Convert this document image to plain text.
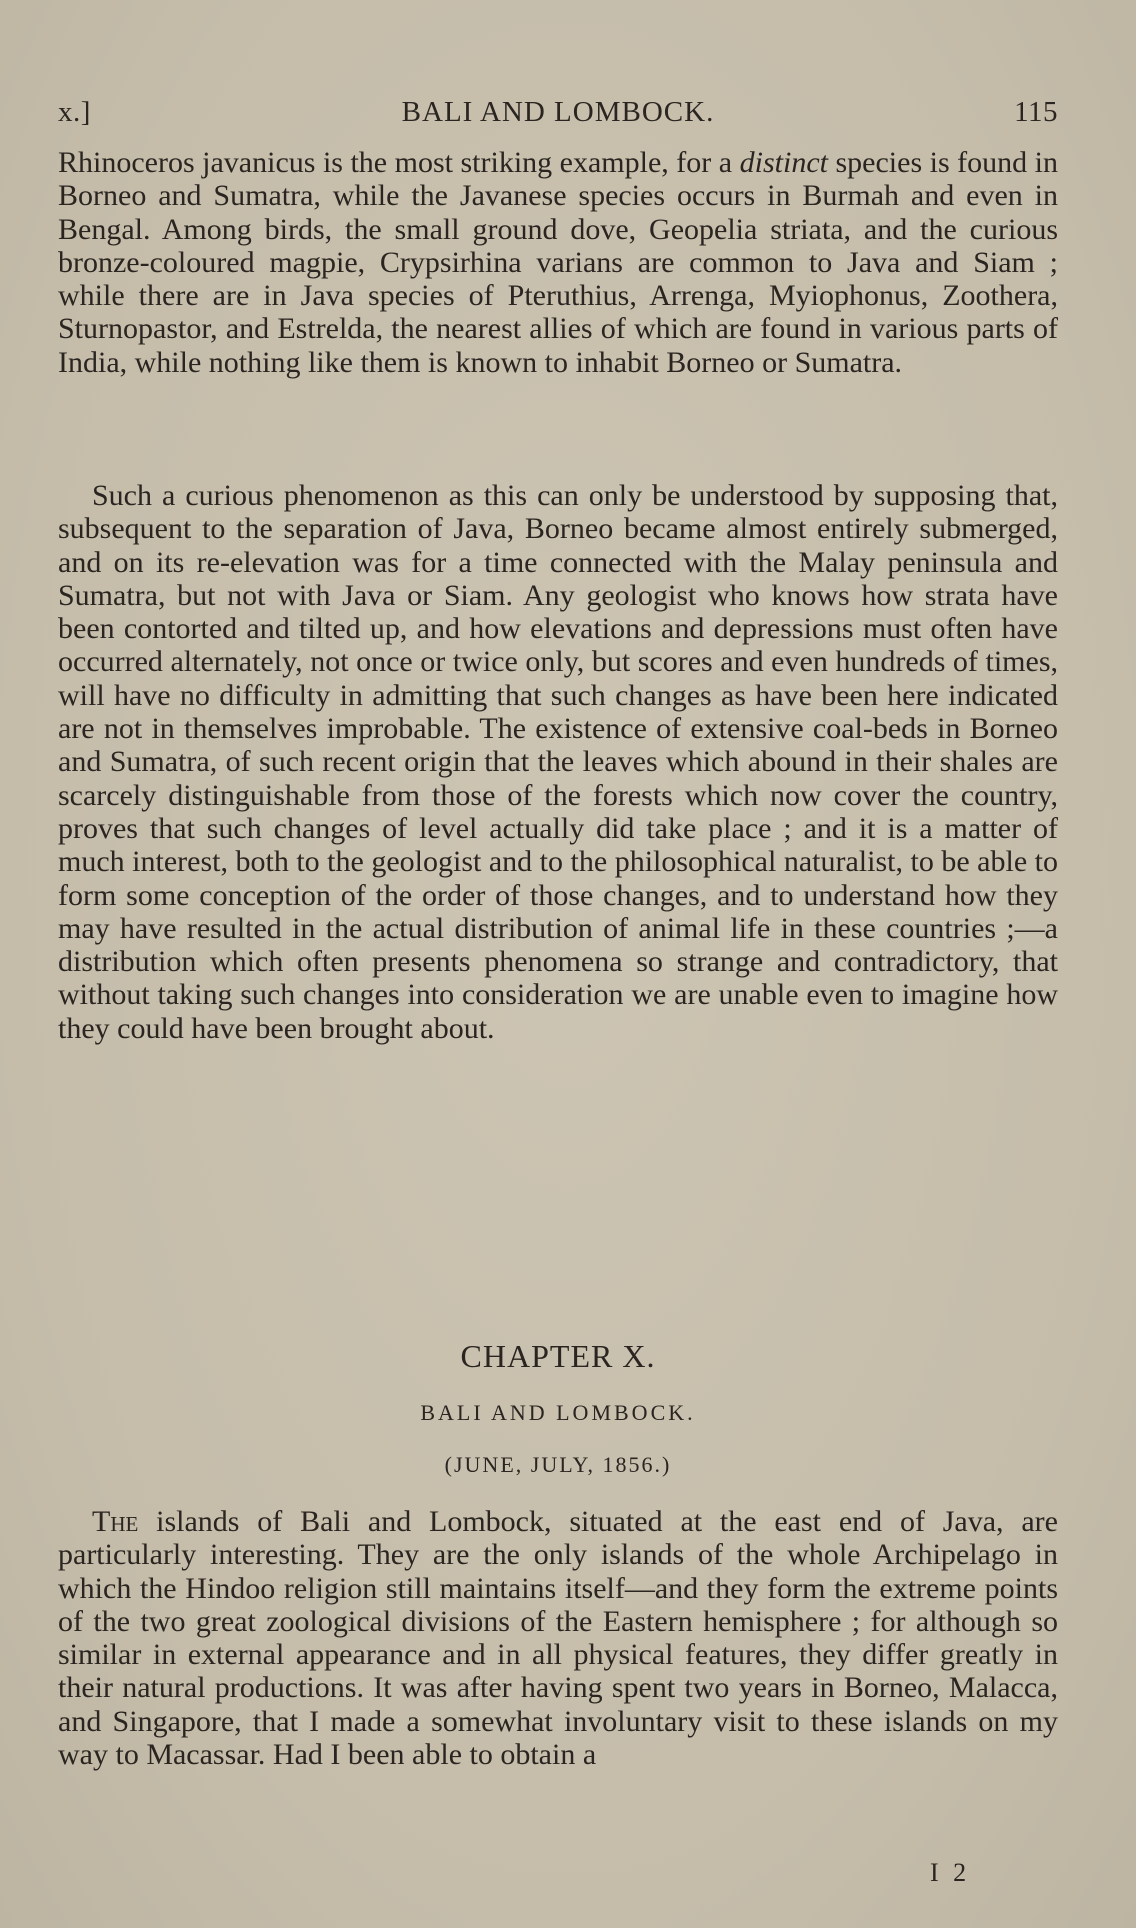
x.]	BALI AND LOMBOCK.	115

Rhinoceros javanicus is the most striking example, for a distinct species is found in Borneo and Sumatra, while the Javanese species occurs in Burmah and even in Bengal. Among birds, the small ground dove, Geopelia striata, and the curious bronze-coloured magpie, Crypsirhina varians are common to Java and Siam ; while there are in Java species of Pteruthius, Arrenga, Myiophonus, Zoothera, Sturnopastor, and Estrelda, the nearest allies of which are found in various parts of India, while nothing like them is known to inhabit Borneo or Sumatra.

Such a curious phenomenon as this can only be understood by supposing that, subsequent to the separation of Java, Borneo became almost entirely submerged, and on its re-elevation was for a time connected with the Malay peninsula and Sumatra, but not with Java or Siam. Any geologist who knows how strata have been contorted and tilted up, and how elevations and depressions must often have occurred alternately, not once or twice only, but scores and even hundreds of times, will have no difficulty in admitting that such changes as have been here indicated are not in themselves improbable. The existence of extensive coal-beds in Borneo and Sumatra, of such recent origin that the leaves which abound in their shales are scarcely distinguishable from those of the forests which now cover the country, proves that such changes of level actually did take place ; and it is a matter of much interest, both to the geologist and to the philosophical naturalist, to be able to form some conception of the order of those changes, and to understand how they may have resulted in the actual distribution of animal life in these countries ;—a distribution which often presents phenomena so strange and contradictory, that without taking such changes into consideration we are unable even to imagine how they could have been brought about.

CHAPTER X.
BALI AND LOMBOCK.
(JUNE, JULY, 1856.)

The islands of Bali and Lombock, situated at the east end of Java, are particularly interesting. They are the only islands of the whole Archipelago in which the Hindoo religion still maintains itself—and they form the extreme points of the two great zoological divisions of the Eastern hemisphere ; for although so similar in external appearance and in all physical features, they differ greatly in their natural productions. It was after having spent two years in Borneo, Malacca, and Singapore, that I made a somewhat involuntary visit to these islands on my way to Macassar. Had I been able to obtain a

I 2
